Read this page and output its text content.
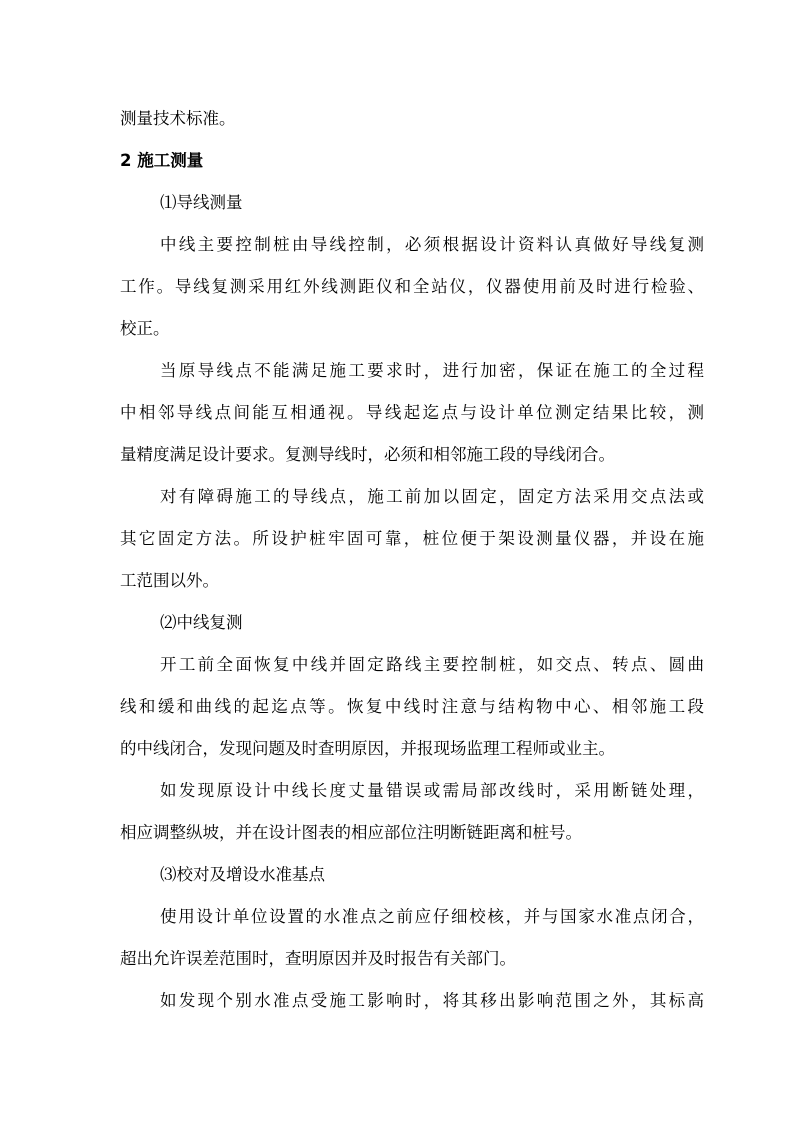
测量技术标准。
2 施工测量
⑴导线测量
中线主要控制桩由导线控制，必须根据设计资料认真做好导线复测
工作。导线复测采用红外线测距仪和全站仪，仪器使用前及时进行检验、
校正。
当原导线点不能满足施工要求时，进行加密，保证在施工的全过程
中相邻导线点间能互相通视。导线起迄点与设计单位测定结果比较，测
量精度满足设计要求。复测导线时，必须和相邻施工段的导线闭合。
对有障碍施工的导线点，施工前加以固定，固定方法采用交点法或
其它固定方法。所设护桩牢固可靠，桩位便于架设测量仪器，并设在施
工范围以外。
⑵中线复测
开工前全面恢复中线并固定路线主要控制桩，如交点、转点、圆曲
线和缓和曲线的起迄点等。恢复中线时注意与结构物中心、相邻施工段
的中线闭合，发现问题及时查明原因，并报现场监理工程师或业主。
如发现原设计中线长度丈量错误或需局部改线时，采用断链处理，
相应调整纵坡，并在设计图表的相应部位注明断链距离和桩号。
⑶校对及增设水准基点
使用设计单位设置的水准点之前应仔细校核，并与国家水准点闭合，
超出允许误差范围时，查明原因并及时报告有关部门。
如发现个别水准点受施工影响时，将其移出影响范围之外，其标高
